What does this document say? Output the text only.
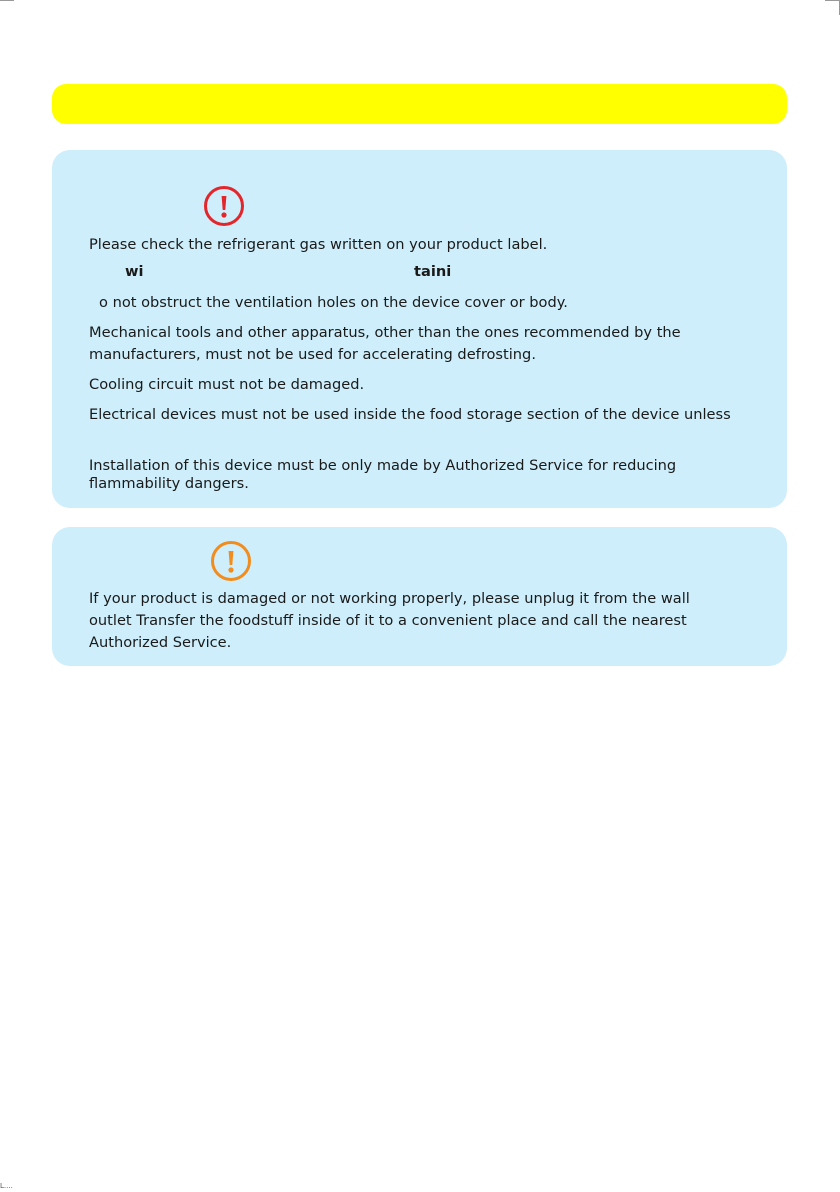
Please check the refrigerant gas written on your product label.
wi	taini
o not obstruct the ventilation holes on the device cover or body.
Mechanical tools and other apparatus, other than the ones recommended by the
manufacturers, must not be used for accelerating defrosting.
Cooling circuit must not be damaged.
Electrical devices must not be used inside the food storage section of the device unless
Installation of this device must be only made by Authorized Service for reducing
flammability dangers.
If your product is damaged or not working properly, please unplug it from the wall
outlet Transfer the foodstuff inside of it to a convenient place and call the nearest
Authorized Service.
L....
